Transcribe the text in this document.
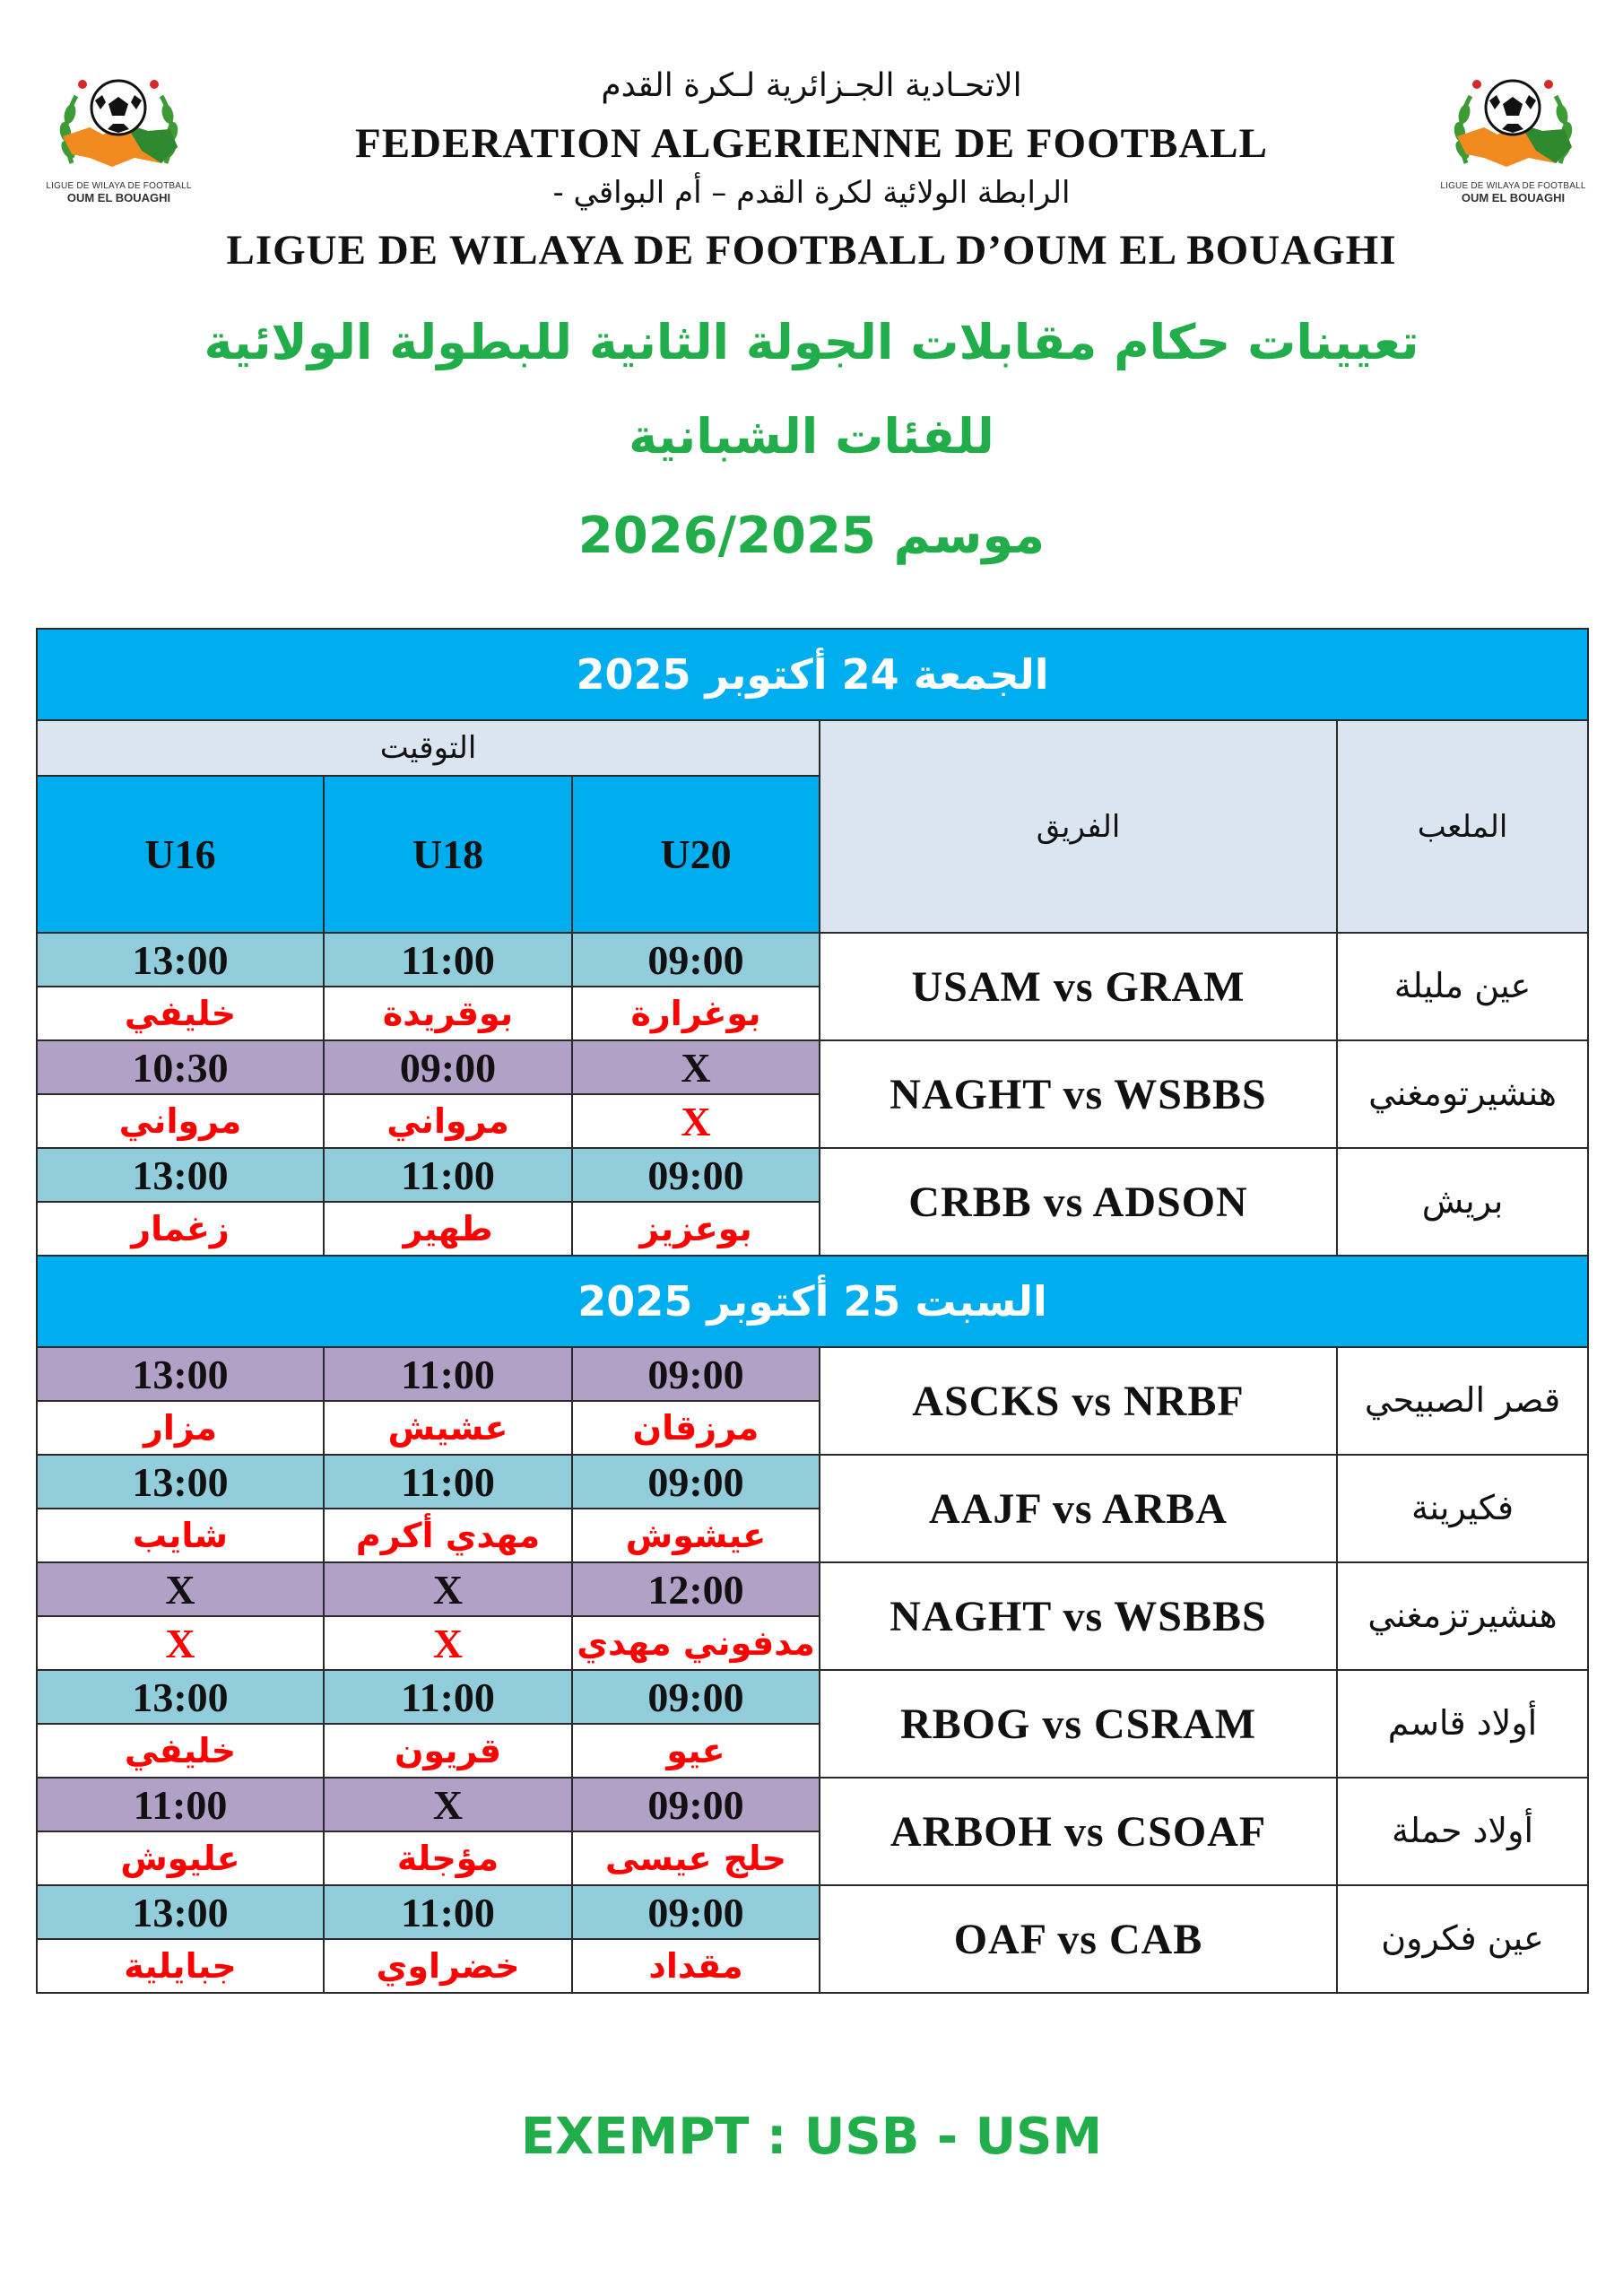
LIGUE DE WILAYA DE FOOTBALL
OUM EL BOUAGHI
LIGUE DE WILAYA DE FOOTBALL
OUM EL BOUAGHI
الاتحـادية الجـزائرية لـكرة القدم
FEDERATION ALGERIENNE DE FOOTBALL
الرابطة الولائية لكرة القدم – أم البواقي -
LIGUE DE WILAYA DE FOOTBALL D’OUM EL BOUAGHI
تعيينات حكام مقابلات الجولة الثانية للبطولة الولائية
للفئات الشبانية
موسم 2026/2025
الجمعة 24 أكتوبر 2025				
التوقيت			الفريق	الملعب
U16	U18	U20		
13:00	11:00	09:00	USAM vs GRAM	عين مليلة
خليفي	بوقريدة	بوغرارة		
10:30	09:00	X	NAGHT vs WSBBS	هنشيرتومغني
مرواني	مرواني	X		
13:00	11:00	09:00	CRBB vs ADSON	بريش
زغمار	طهير	بوعزيز		
السبت 25 أكتوبر 2025				
13:00	11:00	09:00	ASCKS vs NRBF	قصر الصبيحي
مزار	عشيش	مرزقان		
13:00	11:00	09:00	AAJF vs ARBA	فكيرينة
شايب	مهدي أكرم	عيشوش		
X	X	12:00	NAGHT vs WSBBS	هنشيرتزمغني
X	X	مدفوني مهدي		
13:00	11:00	09:00	RBOG vs CSRAM	أولاد قاسم
خليفي	قريون	عيو		
11:00	X	09:00	ARBOH vs CSOAF	أولاد حملة
عليوش	مؤجلة	حلج عيسى		
13:00	11:00	09:00	OAF vs CAB	عين فكرون
جبايلية	خضراوي	مقداد		
EXEMPT : USB - USM
